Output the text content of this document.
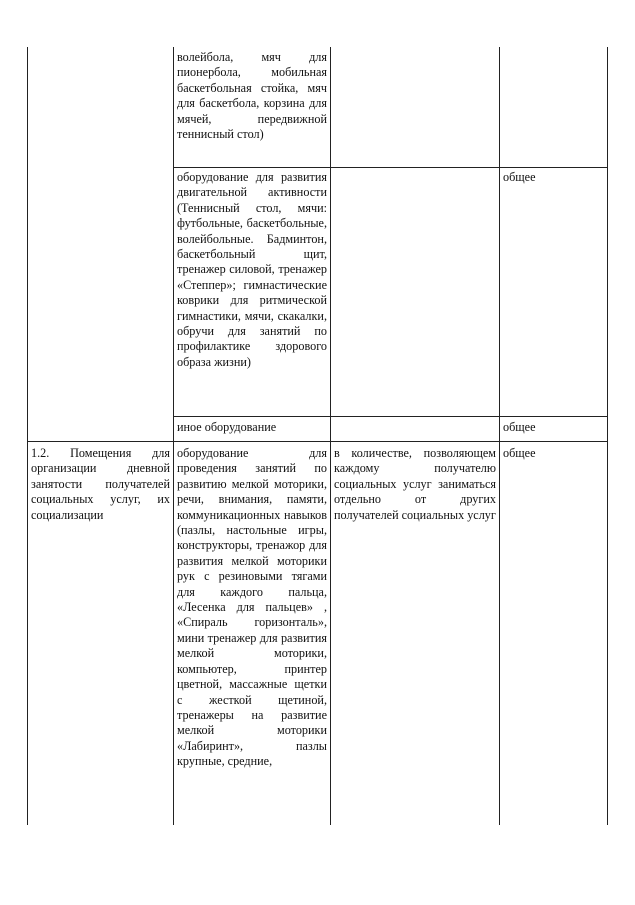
волейбола, мяч для пионербола, мобильная баскетбольная стойка, мяч для баскетбола, корзина для мячей, передвижной теннисный стол)

оборудование для развития двигательной активности (Теннисный стол, мячи: футбольные, баскетбольные, волейбольные. Бадминтон, баскетбольный щит, тренажер силовой, тренажер «Степпер»; гимнастические коврики для ритмической гимнастики, мячи, скакалки, обручи для занятий по профилактике здорового образа жизни)

общее

иное оборудование	общее

1.2. Помещения для организации дневной занятости получателей социальных услуг, их социализации

оборудование для проведения занятий по развитию мелкой моторики, речи, внимания, памяти, коммуникационных навыков (пазлы, настольные игры, конструкторы, тренажор для развития мелкой моторики рук с резиновыми тягами для каждого пальца, «Лесенка для пальцев» , «Спираль горизонталь», мини тренажер для развития мелкой моторики, компьютер, принтер цветной, массажные щетки с жесткой щетиной, тренажеры на развитие мелкой моторики «Лабиринт», пазлы крупные, средние,

в количестве, позволяющем каждому получателю социальных услуг заниматься отдельно от других получателей социальных услуг

общее
